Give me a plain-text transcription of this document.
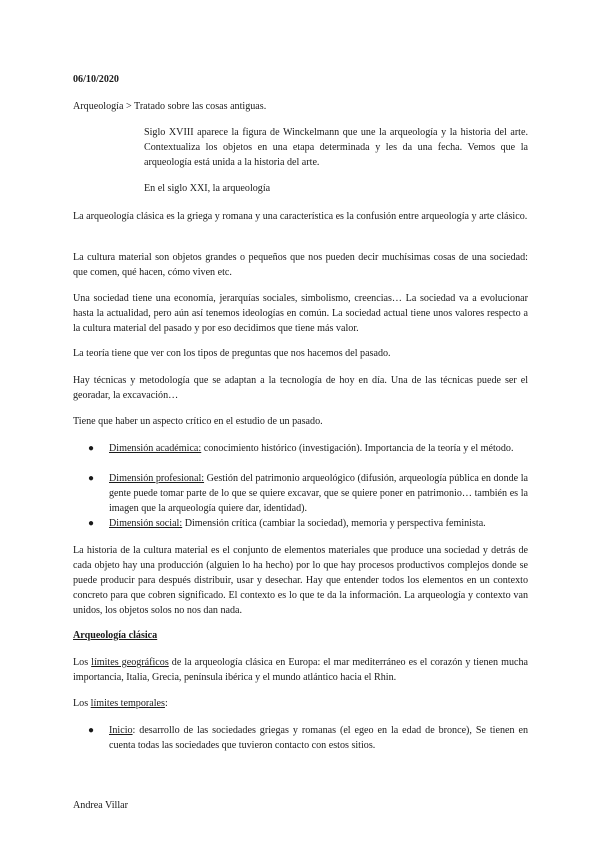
06/10/2020

Arqueología > Tratado sobre las cosas antiguas.

Siglo XVIII aparece la figura de Winckelmann que une la arqueología y la historia del arte. Contextualiza los objetos en una etapa determinada y les da una fecha. Vemos que la arqueología está unida a la historia del arte.

En el siglo XXI, la arqueología

La arqueología clásica es la griega y romana y una característica es la confusión entre arqueología y arte clásico.

La cultura material son objetos grandes o pequeños que nos pueden decir muchísimas cosas de una sociedad: que comen, qué hacen, cómo viven etc.

Una sociedad tiene una economía, jerarquías sociales, simbolismo, creencias… La sociedad va a evolucionar hasta la actualidad, pero aún así tenemos ideologías en común. La sociedad actual tiene unos valores respecto a la cultura material del pasado y por eso decidimos que tiene más valor.

La teoría tiene que ver con los tipos de preguntas que nos hacemos del pasado.

Hay técnicas y metodología que se adaptan a la tecnología de hoy en día. Una de las técnicas puede ser el georadar, la excavación…

Tiene que haber un aspecto crítico en el estudio de un pasado.

●	Dimensión académica: conocimiento histórico (investigación). Importancia de la teoría y el método.

●	Dimensión profesional: Gestión del patrimonio arqueológico (difusión, arqueología pública en donde la gente puede tomar parte de lo que se quiere excavar, que se quiere poner en patrimonio… también es la imagen que la arqueología quiere dar, identidad).

●	Dimensión social: Dimensión crítica (cambiar la sociedad), memoria y perspectiva feminista.

La historia de la cultura material es el conjunto de elementos materiales que produce una sociedad y detrás de cada objeto hay una producción (alguien lo ha hecho) por lo que hay procesos productivos complejos donde se puede producir para después distribuir, usar y desechar. Hay que entender todos los elementos en un contexto concreto para que cobren significado. El contexto es lo que te da la información. La arqueología y contexto van unidos, los objetos solos no nos dan nada.

Arqueología clásica

Los límites geográficos de la arqueología clásica en Europa: el mar mediterráneo es el corazón y tienen mucha importancia, Italia, Grecia, península ibérica y el mundo atlántico hacia el Rhin.

Los límites temporales:

●	Inicio: desarrollo de las sociedades griegas y romanas (el egeo en la edad de bronce), Se tienen en cuenta todas las sociedades que tuvieron contacto con estos sitios.

Andrea Villar
